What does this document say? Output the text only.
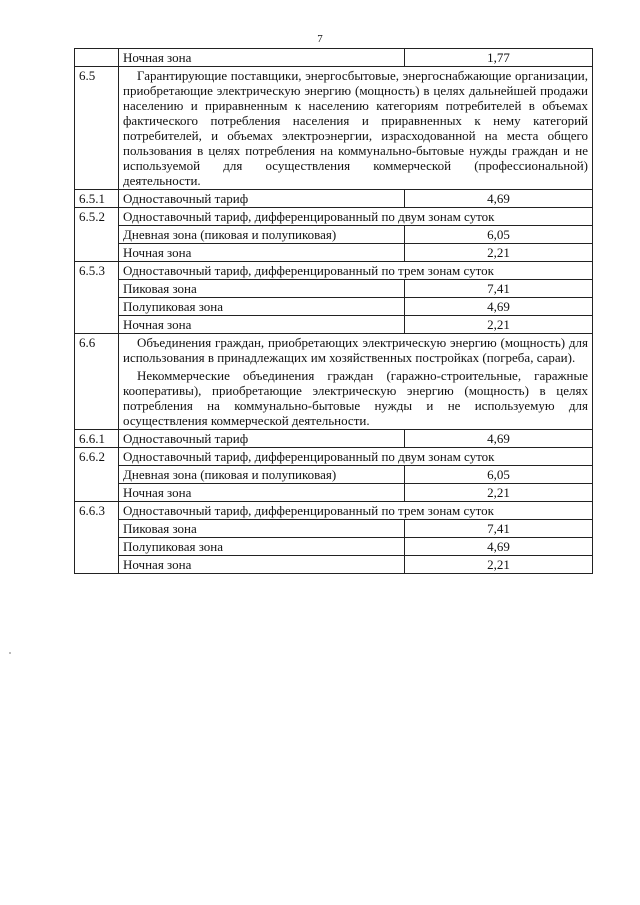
7
	Ночная зона	1,77
6.5	Гарантирующие поставщики, энергосбытовые, энергоснабжающие организации, приобретающие электрическую энергию (мощность) в целях дальнейшей продажи населению и приравненным к населению категориям потребителей в объемах фактического потребления населения и приравненных к нему категорий потребителей, и объемах электроэнергии, израсходованной на места общего пользования в целях потребления на коммунально-бытовые нужды граждан и не используемой для осуществления коммерческой (профессиональной) деятельности.	

6.5.1	Одноставочный тариф	4,69
6.5.2	Одноставочный тариф, дифференцированный по двум зонам суток	
	Дневная зона (пиковая и полупиковая)	6,05
	Ночная зона	2,21
6.5.3	Одноставочный тариф, дифференцированный по трем зонам суток	
	Пиковая зона	7,41
	Полупиковая зона	4,69
	Ночная зона	2,21
6.6	Объединения граждан, приобретающих электрическую энергию (мощность) для использования в принадлежащих им хозяйственных постройках (погреба, сараи).

Некоммерческие объединения граждан (гаражно-строительные, гаражные кооперативы), приобретающие электрическую энергию (мощность) в целях потребления на коммунально-бытовые нужды и не используемую для осуществления коммерческой деятельности.	

6.6.1	Одноставочный тариф	4,69
6.6.2	Одноставочный тариф, дифференцированный по двум зонам суток	
	Дневная зона (пиковая и полупиковая)	6,05
	Ночная зона	2,21
6.6.3	Одноставочный тариф, дифференцированный по трем зонам суток	
	Пиковая зона	7,41
	Полупиковая зона	4,69
	Ночная зона	2,21
